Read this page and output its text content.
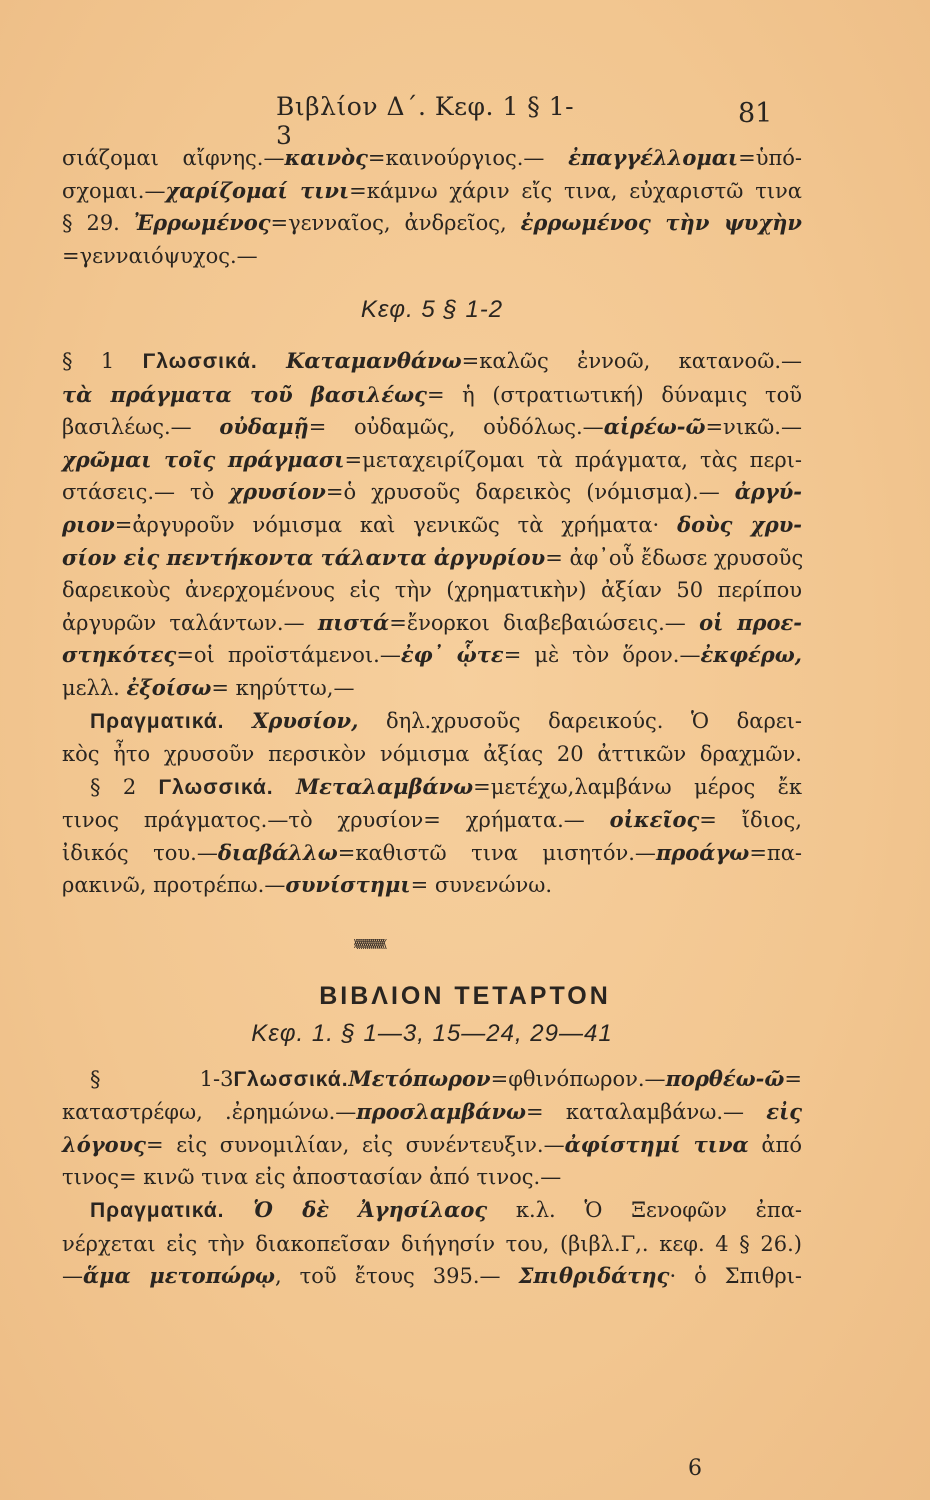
Βιβλίον Δ΄. Κεφ. 1 § 1-3
81
σιάζομαι αἴφνης.—καινὸς=καινούργιος.— ἐπαγγέλλομαι=ὑπό-
σχομαι.—χαρίζομαί τινι=κάμνω χάριν εἴς τινα, εὐχαριστῶ τινα
§ 29. Ἐρρωμένος=γενναῖος, ἀνδρεῖος, ἐρρωμένος τὴν ψυχὴν
=γενναιόψυχος.—
Κεφ. 5 § 1-2
§ 1 Γλωσσικά. Καταμανθάνω=καλῶς ἐννοῶ, κατανοῶ.—
τὰ πράγματα τοῦ βασιλέως= ἡ (στρατιωτική) δύναμις τοῦ
βασιλέως.— οὐδαμῇ= οὐδαμῶς, οὐδόλως.—αἱρέω-ῶ=νικῶ.—
χρῶμαι τοῖς πράγμασι=μεταχειρίζομαι τὰ πράγματα, τὰς περι-
στάσεις.— τὸ χρυσίον=ὁ χρυσοῦς δαρεικὸς (νόμισμα).— ἀργύ-
ριον=ἀργυροῦν νόμισμα καὶ γενικῶς τὰ χρήματα· δοὺς χρυ-
σίον εἰς πεντήκοντα τάλαντα ἀργυρίου= ἀφ᾽οὗ ἔδωσε χρυσοῦς
δαρεικοὺς ἀνερχομένους εἰς τὴν (χρηματικὴν) ἀξίαν 50 περίπου
ἀργυρῶν ταλάντων.— πιστά=ἔνορκοι διαβεβαιώσεις.— οἱ προε-
στηκότες=οἱ προϊστάμενοι.—ἐφ᾽ ᾧτε= μὲ τὸν ὅρον.—ἐκφέρω,
μελλ. ἐξοίσω= κηρύττω,—
Πραγματικά. Χρυσίον, δηλ.χρυσοῦς δαρεικούς. Ὁ δαρει-
κὸς ἦτο χρυσοῦν περσικὸν νόμισμα ἀξίας 20 ἀττικῶν δραχμῶν.
§ 2 Γλωσσικά. Μεταλαμβάνω=μετέχω,λαμβάνω μέρος ἔκ
τινος πράγματος.—τὸ χρυσίον= χρήματα.— οἰκεῖος= ἴδιος,
ἰδικός του.—διαβάλλω=καθιστῶ τινα μισητόν.—προάγω=πα-
ρακινῶ, προτρέπω.—συνίστημι= συνενώνω.
⁄\⁄\⁄\⁄\⁄\⁄\⁄\⁄\⁄\⁄\⁄\⁄\⁄\⁄\⁄\
ΒΙΒΛΙΟΝ ΤΕΤΑΡΤΟΝ
Κεφ. 1. § 1—3, 15—24, 29—41
§ 1-3Γλωσσικά.Μετόπωρον=φθινόπωρον.—πορθέω-ῶ=
καταστρέφω, .ἐρημώνω.—προσλαμβάνω= καταλαμβάνω.— εἰς
λόγους= εἰς συνομιλίαν, εἰς συνέντευξιν.—ἀφίστημί τινα ἀπό
τινος= κινῶ τινα εἰς ἀποστασίαν ἀπό τινος.—
Πραγματικά. Ὁ δὲ Ἀγησίλαος κ.λ. Ὁ Ξενοφῶν ἐπα-
νέρχεται εἰς τὴν διακοπεῖσαν διήγησίν του, (βιβλ.Γ,. κεφ. 4 § 26.)
—ἅμα μετοπώρῳ, τοῦ ἔτους 395.— Σπιθριδάτης· ὁ Σπιθρι-
6
